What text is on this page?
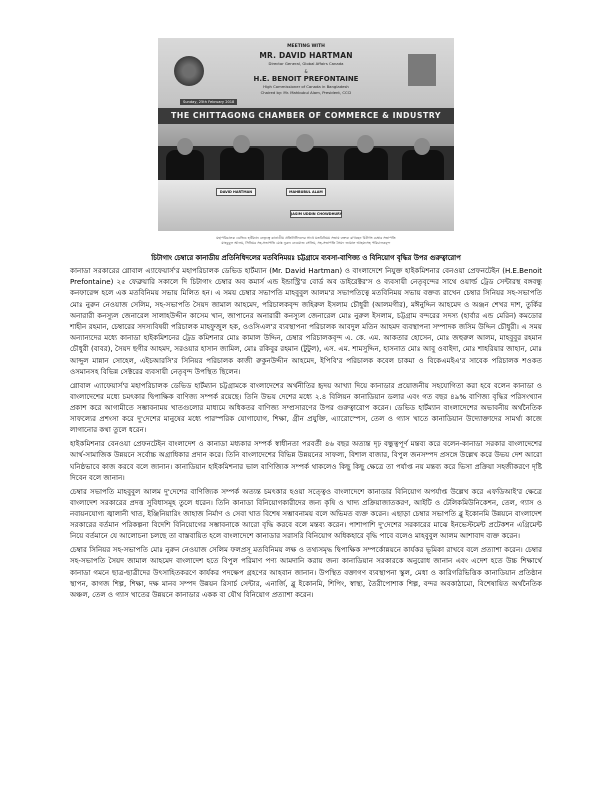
MEETING WITH
MR. DAVID HARTMAN
Director General, Global Affairs Canada
&
H.E. BENOIT PREFONTAINE
High Commissioner of Canada in Bangladesh
Chaired by: Mr. Mahbubul Alam, President, CCCI
Sunday, 25th February 2018
THE CHITTAGONG CHAMBER OF COMMERCE & INDUSTRY
DAVID HARTMAN	MAHBUBUL ALAM
JASIM UDDIN CHOWDHURY
মহাপরিচালক ডেভিড হার্টম্যান নেতৃত্বে কানাডীয় প্রতিনিধিদলের সাথে মতবিনিময় সভায় বক্তব্য রাখছেন চিটাগং চেম্বার সভাপতি
মাহবুবুল আলম, সিনিয়র সহ-সভাপতি মোঃ নুরুন নেওয়াজ সেলিম, সহ-সভাপতি সৈয়দ জামাল আহমদসহ পরিচালকবৃন্দ
চিটাগাং চেম্বারে কানাডীয় প্রতিনিধিদলের মতবিনিময়ঃ চট্টগ্রামে ব্যবসা-বাণিজ্য ও বিনিয়োগ বৃদ্ধির উপর গুরুত্বারোপ

কানাডা সরকারের গ্লোবাল এ্যাফেয়ার্স'র মহাপরিচালক ডেভিড হার্টম্যান (Mr. David Hartman) ও বাংলাদেশে নিযুক্ত হাইকমিশনার বেনওয়া প্রেফনটেইন (H.E.Benoit Prefontaine) ২৫ ফেব্রুয়ারি সকালে দি চিটাগাং চেম্বার অব কমার্স এন্ড ইন্ডাস্ট্রি'র বোর্ড অব ডাইরেক্টর'স ও ব্যবসায়ী নেতৃবৃন্দের সাথে ওয়ার্ল্ড ট্রেড সেন্টারস্থ বঙ্গবন্ধু কনফারেন্স হলে এক মতবিনিময় সভায় মিলিত হন। এ সময় চেম্বার সভাপতি মাহবুবুল আলম'র সভাপতিত্বে মতবিনিময় সভায় বক্তব্য রাখেন চেম্বার সিনিয়র সহ-সভাপতি মোঃ নুরুন নেওয়াজ সেলিম, সহ-সভাপতি সৈয়দ জামাল আহমেদ, পরিচালকবৃন্দ জহিরুল ইসলাম চৌধুরী (আলমগীর), মঈনুদ্দিন আহমেদ ও অঞ্জন শেখর দাশ, তুর্কির অনারারী কনস্যুল জেনারেল সালাহউদ্দীন কাসেম খান, জাপানের অনারারী কনস্যুল জেনারেল মোঃ নুরুল ইসলাম, চট্টগ্রাম বন্দরের সদস্য (হার্বার এন্ড মেরিন) কমডোর শাহীন রহমান, চেম্বারের সদস্যবিষয়ী পরিচালক মাহফুজুল হক, ওওসিএল'র ব্যবস্থাপনা পরিচালক আবদুল মতিন আহমদ ব্যবস্থাপনা সম্পাদক জসিম উদ্দিন চৌধুরী। এ সময় অন্যান্যদের মধ্যে কানাডা হাইকমিশনের ট্রেড কমিশনার মোঃ কামাল উদ্দিন, চেম্বার পরিচালকবৃন্দ এ. কে. এম. আকতার হোসেন, মোঃ জহুরুল আলম, মাহবুবুর রহমান চৌধুরী (বাবর), সৈয়দ ছগীর আহমদ, সরওয়ার হাসান জামিল, মোঃ রকিবুর রহমান (টুটুল), এস. এম. শামসুদ্দিন, হাসনাত মোঃ আবু ওবাইদা, মোঃ শাহরিয়ার জাহান, মোঃ আব্দুল মান্নান সোহেল, এইচআরসি'র সিনিয়র পরিচালক কাজী রুকুনউদ্দীন আহমেদ, ইপিবি'র পরিচালক কবেল চাকমা ও বিকেএমইএ'র সাবেক পরিচালক শওকত ওসমানসহ বিভিন্ন সেক্টরের ব্যবসায়ী নেতৃবৃন্দ উপস্থিত ছিলেন।

গ্লোবাল এ্যাফেয়ার্স'র মহাপরিচালক ডেভিড হার্টম্যান চট্টগ্রামকে বাংলাদেশের অর্থনীতির হৃদয় আখ্যা দিয়ে কানাডার প্রয়োজনীয় সহযোগিতা করা হবে বলেন কানাডা ও বাংলাদেশের মধ্যে চমৎকার দ্বিপাক্ষিক বাণিজ্য সম্পর্ক রয়েছে। তিনি উভয় দেশের মধ্যে ২.৪ বিলিয়ন কানাডিয়ান ডলার এবং গত বছর ৪৯% বাণিজ্য বৃদ্ধির পরিসংখ্যান প্রকাশ করে আগামীতে সম্ভাবনাময় খাতগুলোর মাধ্যমে অধিকতর বাণিজ্য সম্প্রসারণের উপর গুরুত্বারোপ করেন। ডেভিড হার্টম্যান বাংলাদেশের অভাবনীয় অর্থনৈতিক সাফল্যের প্রশংসা করে দু'দেশের মানুষের মধ্যে পারস্পরিক যোগাযোগ, শিক্ষা, গ্রীন প্রযুক্তি, এ্যারোস্পেস, তেল ও গ্যাস খাতে কানাডিয়ান উদ্যোক্তাদের সামর্থ্য কাজে লাগানোর কথা তুলে ধরেন।

হাইকমিশনার বেনওয়া প্রেফনটেইন বাংলাদেশ ও কানাডা মধ্যকার সম্পর্ক স্বাধীনতা পরবর্তী ৪৬ বছর অত্যন্ত দৃঢ় বন্ধুত্বপূর্ণ মন্তব্য করে বলেন-কানাডা সরকার বাংলাদেশের আর্থ-সামাজিক উন্নয়নে সর্বোচ্চ অগ্রাধিকার প্রদান করে। তিনি বাংলাদেশের বিভিন্ন উন্নয়নের সাফল্য, বিশাল বাজার, বিপুল জনসম্পদ প্রসঙ্গে উল্লেখ করে উভয় দেশ আরো ঘনিষ্ঠভাবে কাজ করবে বলে জানান। কানাডিয়ান হাইকমিশনার ভাল বাণিজ্যিক সম্পর্ক থাকলেও কিছু কিছু ক্ষেত্রে তা পর্যাপ্ত নয় মন্তব্য করে ভিসা প্রক্রিয়া সহজীকরণে দৃষ্টি দিবেন বলে জানান।

চেম্বার সভাপতি মাহবুবুল আলম দু'দেশের বাণিজ্যিক সম্পর্ক অত্যন্ত চমৎকার হওয়া সত্ত্বেও বাংলাদেশে কানাডার বিনিয়োগ অপর্যাপ্ত উল্লেখ করে এফডিআই'র ক্ষেত্রে বাংলাদেশ সরকারের প্রদত্ত সুবিধাসমূহ তুলে ধরেন। তিনি কানাডা বিনিয়োগকারীদের জন্য কৃষি ও খাদ্য প্রক্রিয়াজাতকরণ, আইটি ও টেলিকমিউনিকেশন, তেল, গ্যাস ও নবায়নযোগ্য জ্বালানী খাত, ইঞ্জিনিয়ারিং জাহাজ নির্মাণ ও সেবা খাত বিশেষ সম্ভাবনাময় বলে অভিমত ব্যক্ত করেন। এছাড়া চেম্বার সভাপতি ব্লু ইকোনমি উন্নয়নে বাংলাদেশ সরকারের বর্তমান পরিকল্পনা বিদেশি বিনিয়োগের সম্ভাবনাকে আরো বৃদ্ধি করবে বলে মন্তব্য করেন। পাশাপাশি দু'দেশের সরকারের মাঝে ইনভেস্টমেন্ট প্রটেকশন এগ্রিমেন্ট নিয়ে বর্তমানে যে আলোচনা চলছে তা বাস্তবায়িত হলে বাংলাদেশে কানাডার সরাসরি বিনিয়োগ অধিকহারে বৃদ্ধি পাবে বলেও মাহবুবুল আলম আশাবাদ ব্যক্ত করেন।

চেম্বার সিনিয়র সহ-সভাপতি মোঃ নুরুন নেওয়াজ সেলিম ফলপ্রসূ মতবিনিময় লক্ষ ও তথ্যসমৃদ্ধ দ্বিপাক্ষিক সম্পর্কোন্নয়নে কার্যকর ভূমিকা রাখবে বলে প্রত্যাশা করেন। চেম্বার সহ-সভাপতি সৈয়দ জামাল আহমেদ বাংলাদেশ হতে বিপুল পরিমাণ পণ্য আমদানি করায় জন্য কানাডিয়ান সরকারকে অনুরোধ জানান এবং এদেশ হতে উচ্চ শিক্ষার্থে কানাডা গমনে ছাত্র-ছাত্রীদের উৎসাহিতকরণে কার্যকর পদক্ষেপ গ্রহণের আহবান জানান। উপস্থিত বক্তাগণ ব্যবস্থাপনা স্কুল, মেধা ও কারিগরিভিত্তিক কানাডিয়ান প্রতিষ্ঠান স্থাপন, কাগজ শিল্প, শিক্ষা, দক্ষ মানব সম্পদ উন্নয়ন রিসার্চ সেন্টার, এনার্জি, ব্লু ইকোনমি, শিপিং, স্বাস্থ্য, তৈরীপোশাক শিল্প, বন্দর অবকাঠামো, বিশেষায়িত অর্থনৈতিক অঞ্চল, তেল ও গ্যাস খাতের উন্নয়নে কানাডার একক বা যৌথ বিনিয়োগ প্রত্যাশা করেন।
